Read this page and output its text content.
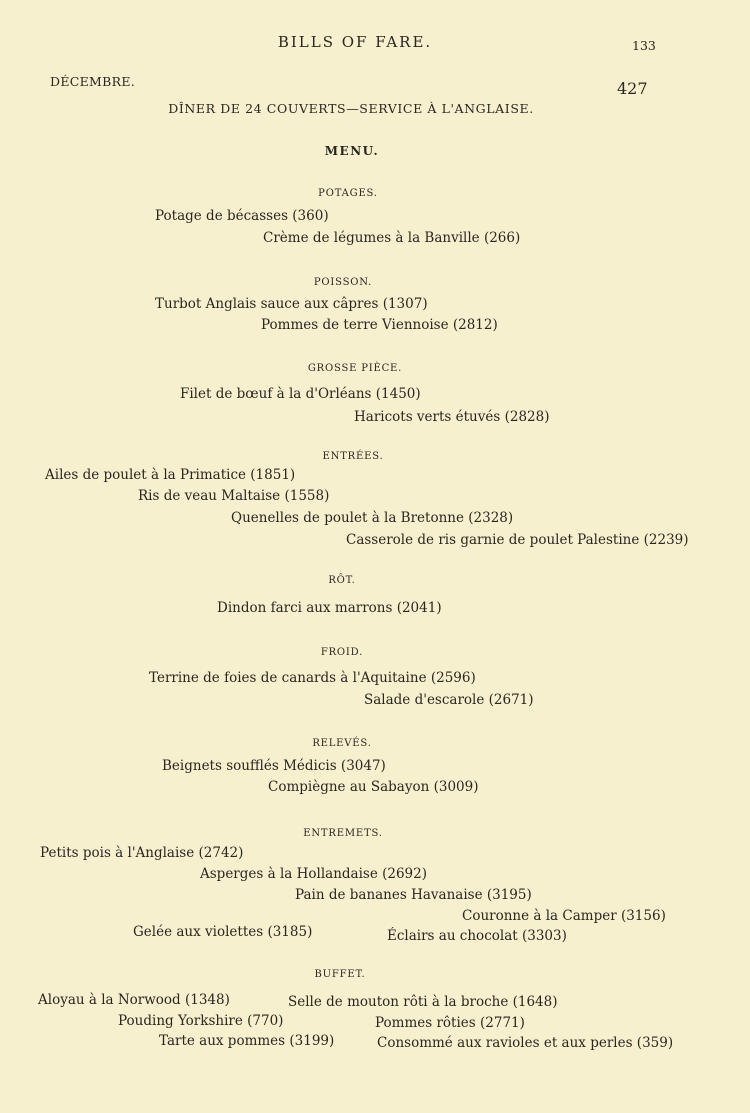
BILLS OF FARE.	133
DÉCEMBRE.	427
DÎNER DE 24 COUVERTS—SERVICE À L'ANGLAISE.
MENU.
POTAGES.
Potage de bécasses (360)
Crème de légumes à la Banville (266)
POISSON.
Turbot Anglais sauce aux câpres (1307)
Pommes de terre Viennoise (2812)
GROSSE PIÈCE.
Filet de bœuf à la d'Orléans (1450)
Haricots verts étuvés (2828)
ENTRÉES.
Ailes de poulet à la Primatice (1851)
Ris de veau Maltaise (1558)
Quenelles de poulet à la Bretonne (2328)
Casserole de ris garnie de poulet Palestine (2239)
RÔT.
Dindon farci aux marrons (2041)
FROID.
Terrine de foies de canards à l'Aquitaine (2596)
Salade d'escarole (2671)
RELEVÉS.
Beignets soufflés Médicis (3047)
Compiègne au Sabayon (3009)
ENTREMETS.
Petits pois à l'Anglaise (2742)
Asperges à la Hollandaise (2692)
Pain de bananes Havanaise (3195)
Couronne à la Camper (3156)
Gelée aux violettes (3185)	Éclairs au chocolat (3303)
BUFFET.
Aloyau à la Norwood (1348)	Selle de mouton rôti à la broche (1648)
Pouding Yorkshire (770)	Pommes rôties (2771)
Tarte aux pommes (3199)	Consommé aux ravioles et aux perles (359)
